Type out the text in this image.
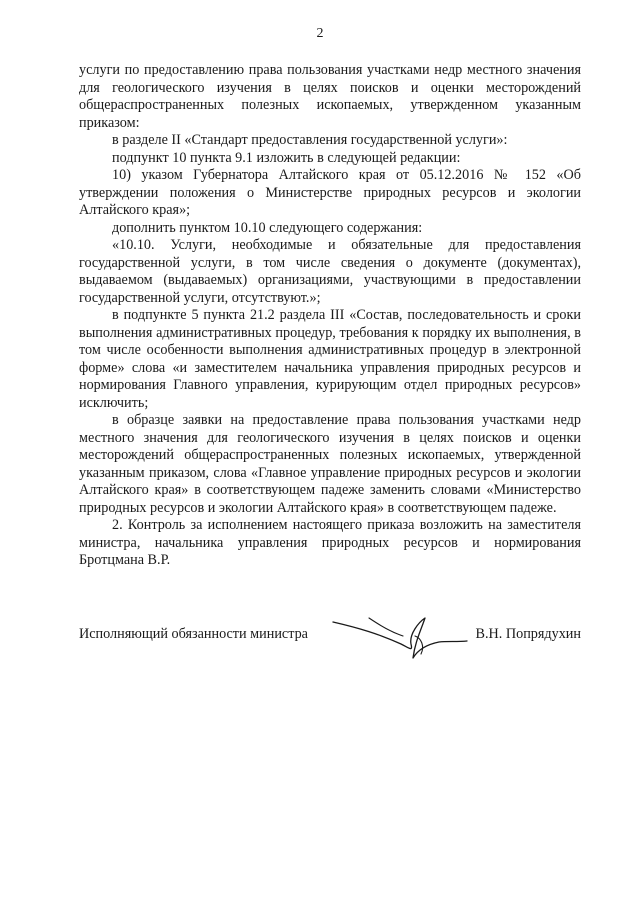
2

услуги по предоставлению права пользования участками недр местного значения для геологического изучения в целях поисков и оценки месторождений общераспространенных полезных ископаемых, утвержденном указанным приказом:

в разделе II «Стандарт предоставления государственной услуги»:

подпункт 10 пункта 9.1 изложить в следующей редакции:

10) указом Губернатора Алтайского края от 05.12.2016 № 152 «Об утверждении положения о Министерстве природных ресурсов и экологии Алтайского края»;

дополнить пунктом 10.10 следующего содержания:

«10.10. Услуги, необходимые и обязательные для предоставления государственной услуги, в том числе сведения о документе (документах), выдаваемом (выдаваемых) организациями, участвующими в предоставлении государственной услуги, отсутствуют.»;

в подпункте 5 пункта 21.2 раздела III «Состав, последовательность и сроки выполнения административных процедур, требования к порядку их выполнения, в том числе особенности выполнения административных процедур в электронной форме» слова «и заместителем начальника управления природных ресурсов и нормирования Главного управления, курирующим отдел природных ресурсов» исключить;

в образце заявки на предоставление права пользования участками недр местного значения для геологического изучения в целях поисков и оценки месторождений общераспространенных полезных ископаемых, утвержденной указанным приказом, слова «Главное управление природных ресурсов и экологии Алтайского края» в соответствующем падеже заменить словами «Министерство природных ресурсов и экологии Алтайского края» в соответствующем падеже.

2. Контроль за исполнением настоящего приказа возложить на заместителя министра, начальника управления природных ресурсов и нормирования Бротцмана В.Р.

Исполняющий обязанности министра	В.Н. Попрядухин
